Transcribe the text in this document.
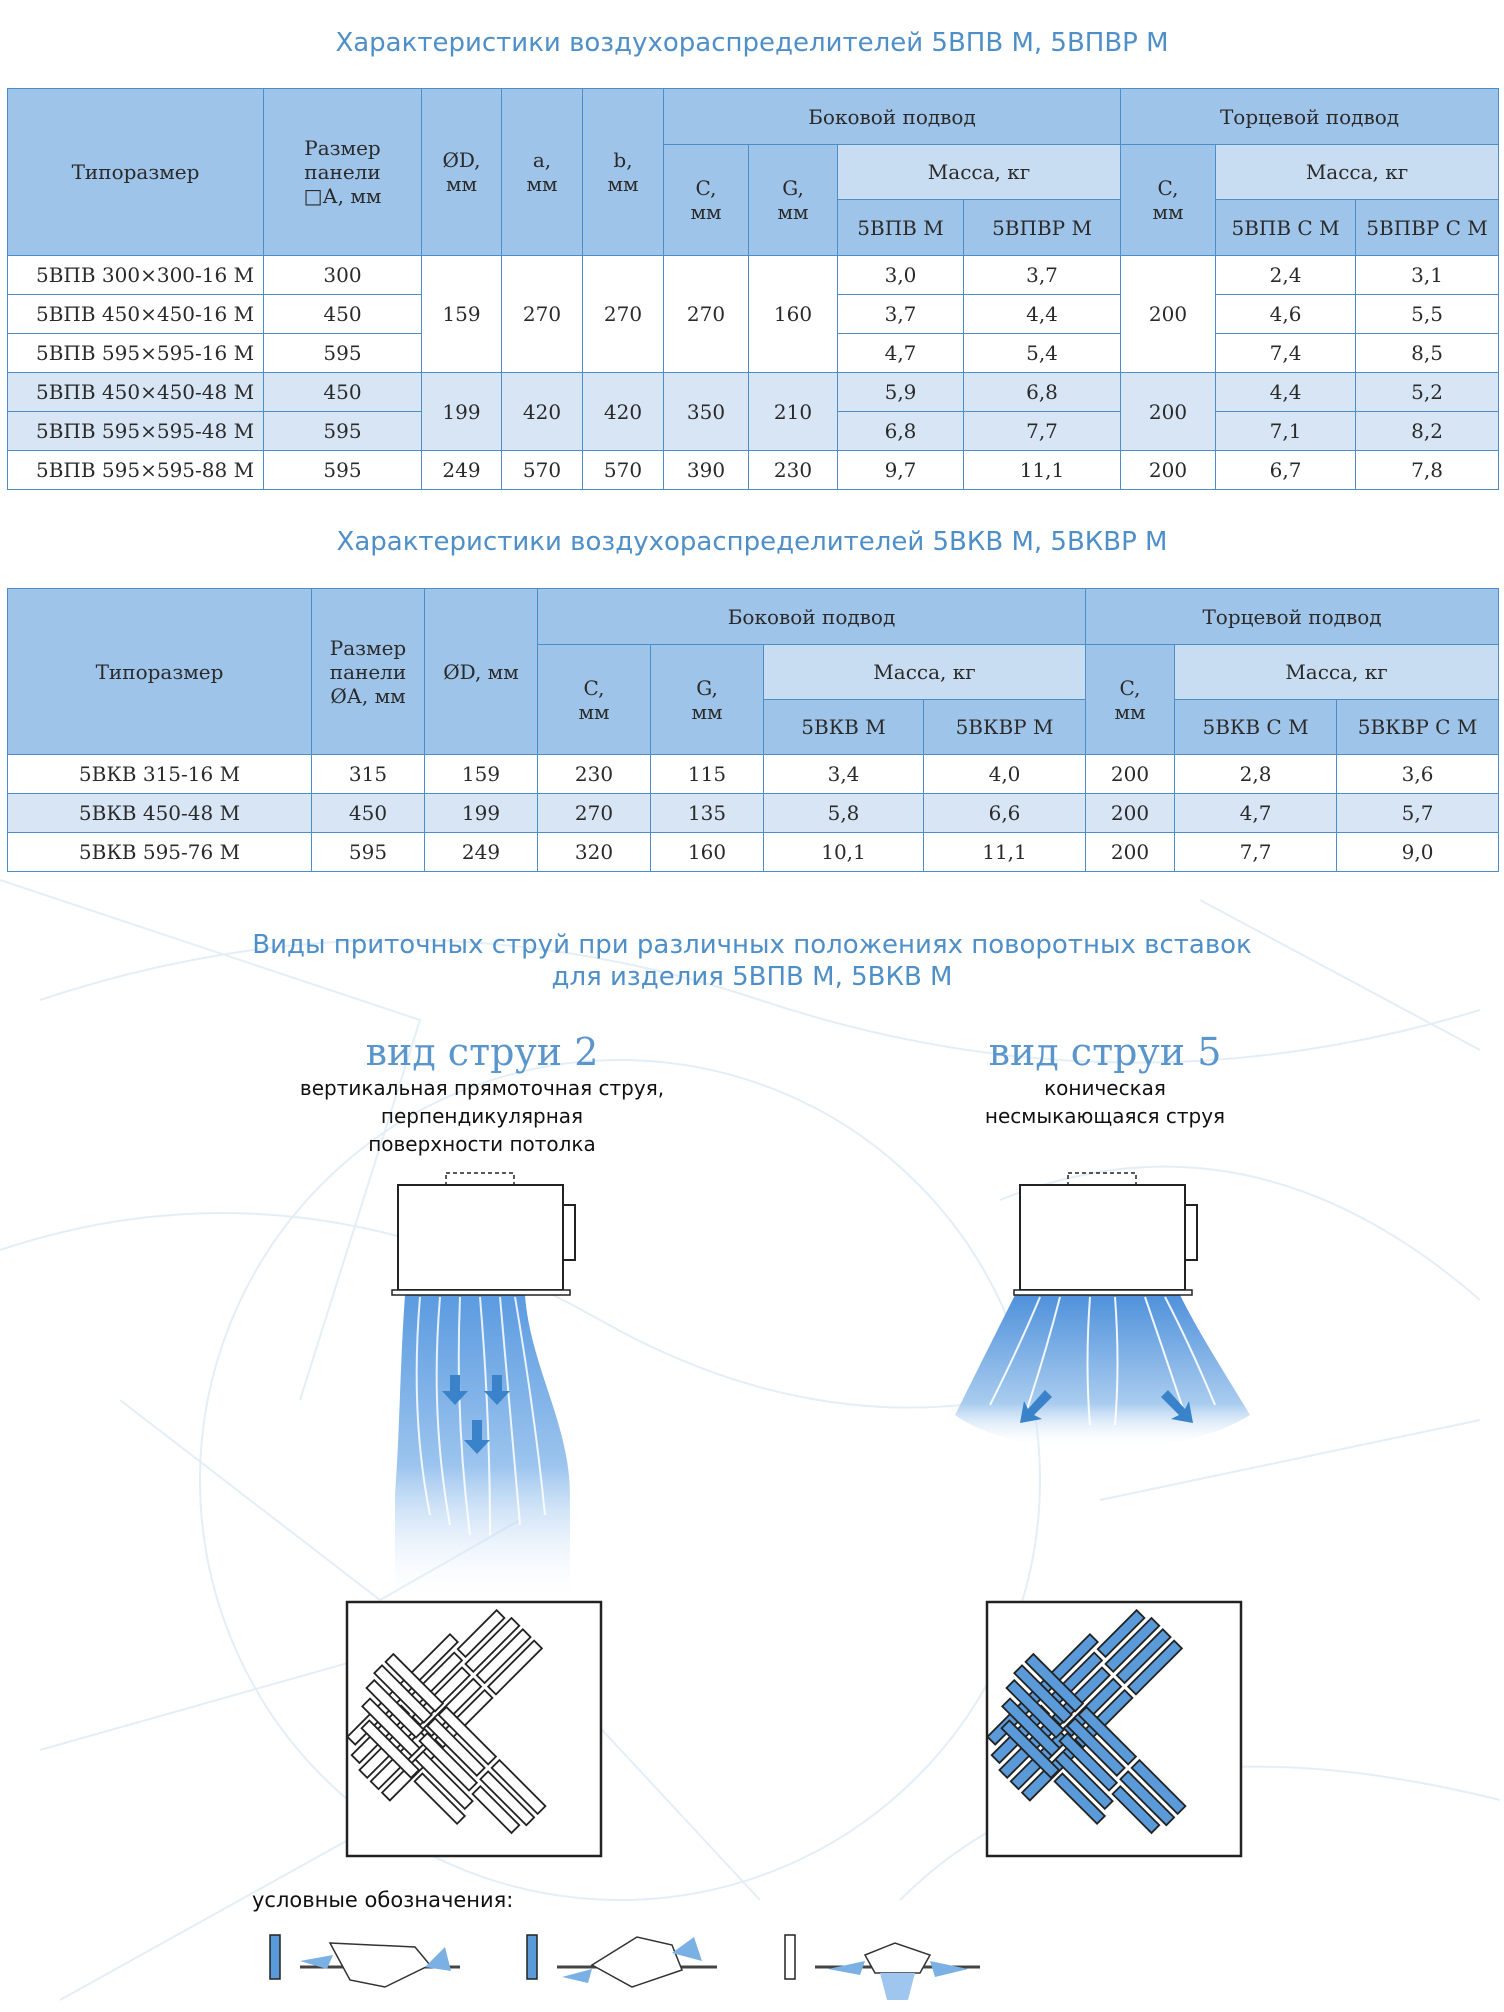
Характеристики воздухораспределителей 5ВПВ М, 5ВПВР М
Типоразмер	Размер панели □А, мм	ØD, мм	a, мм	b, мм	Боковой подвод				Торцевой подвод		
					C, мм	G, мм	Масса, кг		C, мм	Масса, кг	
							5ВПВ М	5ВПВР М		5ВПВ С М	5ВПВР С М
5ВПВ 300×300-16 М	300	159	270	270	270	160	3,0	3,7	200	2,4	3,1
5ВПВ 450×450-16 М	450						3,7	4,4		4,6	5,5
5ВПВ 595×595-16 М	595						4,7	5,4		7,4	8,5
5ВПВ 450×450-48 М	450	199	420	420	350	210	5,9	6,8	200	4,4	5,2
5ВПВ 595×595-48 М	595						6,8	7,7		7,1	8,2
5ВПВ 595×595-88 М	595	249	570	570	390	230	9,7	11,1	200	6,7	7,8
Характеристики воздухораспределителей 5ВКВ М, 5ВКВР М
Типоразмер	Размер панели ØА, мм	ØD, мм	Боковой подвод				Торцевой подвод		
			C, мм	G, мм	Масса, кг		C, мм	Масса, кг	
					5ВКВ М	5ВКВР М		5ВКВ С М	5ВКВР С М
5ВКВ 315-16 М	315	159	230	115	3,4	4,0	200	2,8	3,6
5ВКВ 450-48 М	450	199	270	135	5,8	6,6	200	4,7	5,7
5ВКВ 595-76 М	595	249	320	160	10,1	11,1	200	7,7	9,0
Виды приточных струй при различных положениях поворотных вставок
для изделия 5ВПВ М, 5ВКВ М
вид струи 2
вертикальная прямоточная струя,
перпендикулярная
поверхности потолка
вид струи 5
коническая
несмыкающаяся струя
условные обозначения:
